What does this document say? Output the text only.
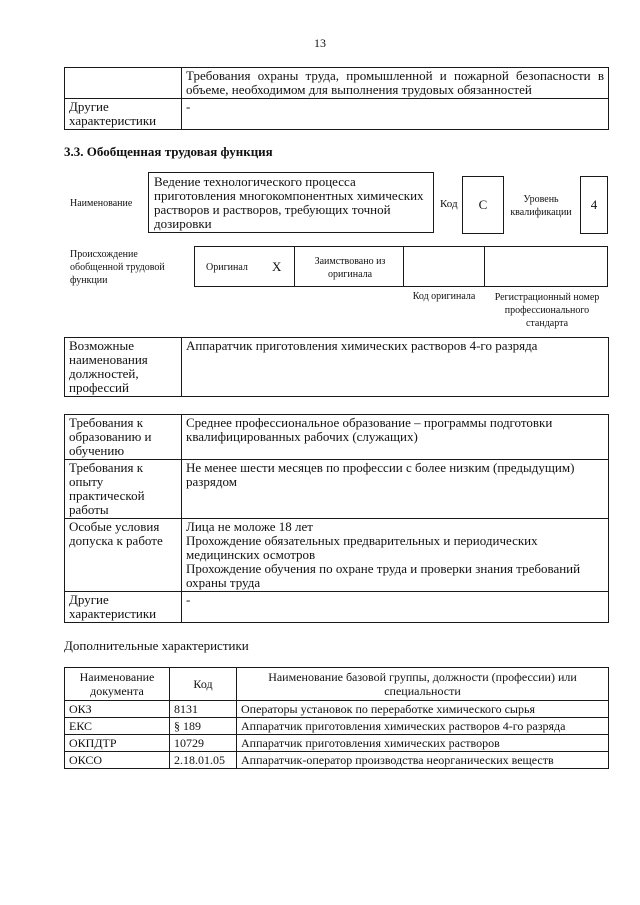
13
	Требования охраны труда, промышленной и пожарной безопасности в объеме, необходимом для выполнения трудовых обязанностей
Другие характеристики	-
3.3. Обобщенная трудовая функция
Наименование
Ведение технологического процесса приготовления многокомпонентных химических растворов и растворов, требующих точной дозировки
Код	С	Уровень квалификации
4
Происхождение обобщенной трудовой функции
Оригинал X	Заимствовано из оригинала
Код оригинала	Регистрационный номер профессионального стандарта
Возможные наименования должностей, профессий	Аппаратчик приготовления химических растворов 4-го разряда
Требования к образованию и обучению	Среднее профессиональное образование – программы подготовки квалифицированных рабочих (служащих)

Требования к опыту практической работы	Не менее шести месяцев по профессии с более низким (предыдущим) разрядом

Особые условия допуска к работе	Лица не моложе 18 лет

Прохождение обязательных предварительных и периодических медицинских осмотров

Прохождение обучения по охране труда и проверки знания требований охраны труда

Другие характеристики	-

Дополнительные характеристики
Наименование документа	Код	Наименование базовой группы, должности (профессии) или специальности
ОКЗ	8131	Операторы установок по переработке химического сырья
ЕКС	§ 189	Аппаратчик приготовления химических растворов 4-го разряда
ОКПДТР	10729	Аппаратчик приготовления химических растворов
ОКСО	2.18.01.05	Аппаратчик-оператор производства неорганических веществ
